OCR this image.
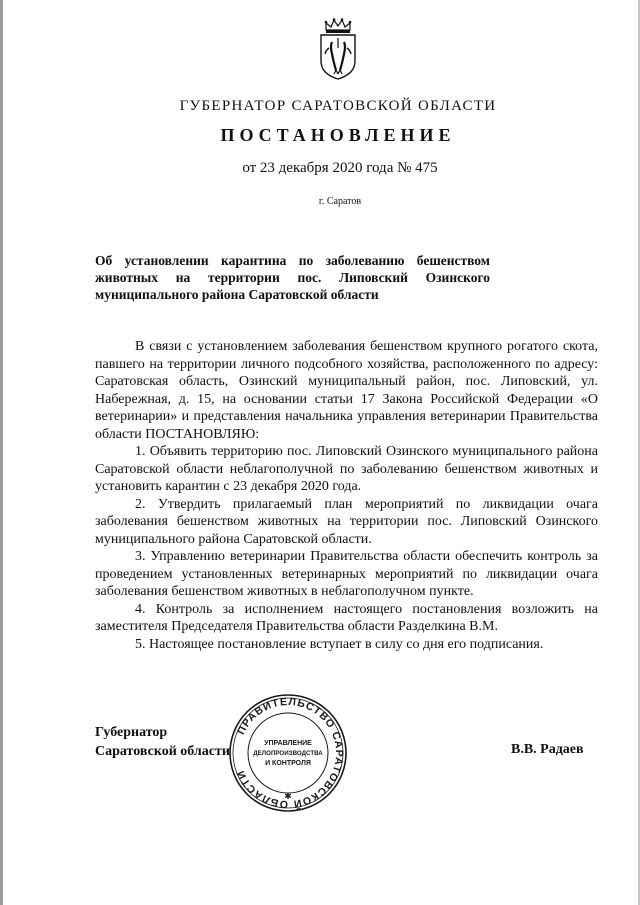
ГУБЕРНАТОР САРАТОВСКОЙ ОБЛАСТИ
ПОСТАНОВЛЕНИЕ
от 23 декабря 2020 года № 475
г. Саратов
Об установлении карантина по заболеванию бешенством животных на территории пос. Липовский Озинского муниципального района Саратовской области

В связи с установлением заболевания бешенством крупного рогатого скота, павшего на территории личного подсобного хозяйства, расположенного по адресу: Саратовская область, Озинский муниципальный район, пос. Липовский, ул. Набережная, д. 15, на основании статьи 17 Закона Российской Федерации «О ветеринарии» и представления начальника управления ветеринарии Правительства области ПОСТАНОВЛЯЮ:

1. Объявить территорию пос. Липовский Озинского муниципального района Саратовской области неблагополучной по заболеванию бешенством животных и установить карантин с 23 декабря 2020 года.

2. Утвердить прилагаемый план мероприятий по ликвидации очага заболевания бешенством животных на территории пос. Липовский Озинского муниципального района Саратовской области.

3. Управлению ветеринарии Правительства области обеспечить контроль за проведением установленных ветеринарных мероприятий по ликвидации очага заболевания бешенством животных в неблагополучном пункте.

4. Контроль за исполнением настоящего постановления возложить на заместителя Председателя Правительства области Разделкина В.М.

5. Настоящее постановление вступает в силу со дня его подписания.

Губернатор
Саратовской области	В.В. Радаев
ПРАВИТЕЛЬСТВО САРАТОВСКОЙ ОБЛАСТИ
УПРАВЛЕНИЕ
ДЕЛОПРОИЗВОДСТВА
И КОНТРОЛЯ
✱
